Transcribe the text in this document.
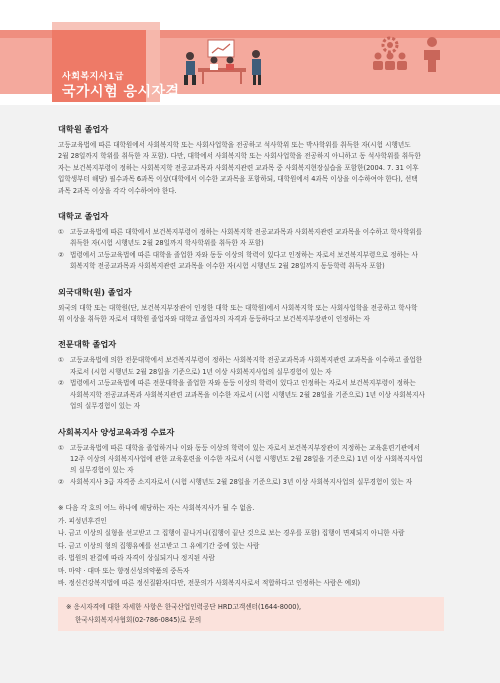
사회복지사1급
국가시험 응시자격

대학원 졸업자

고등교육법에 따른 대학원에서 사회복지학 또는 사회사업학을 전공하고 석사학위 또는 박사학위를 취득한 자(시험 시행년도

2월 28일까지 학위를 취득한 자 포함). 다만, 대학에서 사회복지학 또는 사회사업학을 전공하지 아니하고 동 석사학위를 취득한

자는 보건복지부령이 정하는 사회복지학 전공교과목과 사회복지관련 교과목 중 사회복지현장실습을 포함한(2004. 7. 31 이후

입학생부터 해당) 필수과목 6과목 이상(대학에서 이수한 교과목을 포함하되, 대학원에서 4과목 이상을 이수하여야 한다), 선택

과목 2과목 이상을 각각 이수하여야 한다.

대학교 졸업자

① 고등교육법에 따른 대학에서 보건복지부령이 정하는 사회복지학 전공교과목과 사회복지관련 교과목을 이수하고 학사학위를

취득한 자(시험 시행년도 2월 28일까지 학사학위를 취득한 자 포함)

② 법령에서 고등교육법에 따른 대학을 졸업한 자와 동등 이상의 학력이 있다고 인정하는 자로서 보건복지부령으로 정하는 사

회복지학 전공교과목과 사회복지관련 교과목을 이수한 자(시험 시행년도 2월 28일까지 동등학력 취득자 포함)

외국대학(원) 졸업자

외국의 대학 또는 대학원(단, 보건복지부장관이 인정한 대학 또는 대학원)에서 사회복지학 또는 사회사업학을 전공하고 학사학

위 이상을 취득한 자로서 대학원 졸업자와 대학교 졸업자의 자격과 동등하다고 보건복지부장관이 인정하는 자

전문대학 졸업자

① 고등교육법에 의한 전문대학에서 보건복지부령이 정하는 사회복지학 전공교과목과 사회복지관련 교과목을 이수하고 졸업한

자로서 (시험 시행년도 2월 28일을 기준으로) 1년 이상 사회복지사업의 실무경험이 있는 자

② 법령에서 고등교육법에 따른 전문대학을 졸업한 자와 동등 이상의 학력이 있다고 인정하는 자로서 보건복지부령이 정하는

사회복지학 전공교과목과 사회복지관련 교과목을 이수한 자로서 (시험 시행년도 2월 28일을 기준으로) 1년 이상 사회복지사

업의 실무경험이 있는 자

사회복지사 양성교육과정 수료자

① 고등교육법에 따른 대학을 졸업하거나 이와 동등 이상의 학력이 있는 자로서 보건복지부장관이 지정하는 교육훈련기관에서

12주 이상의 사회복지사업에 관한 교육훈련을 이수한 자로서 (시험 시행년도 2월 28일을 기준으로) 1년 이상 사회복지사업

의 실무경험이 있는 자

② 사회복지사 3급 자격증 소지자로서 (시험 시행년도 2월 28일을 기준으로) 3년 이상 사회복지사업의 실무경험이 있는 자

※ 다음 각 호의 어느 하나에 해당하는 자는 사회복지사가 될 수 없음.

가. 피성년후견인

나. 금고 이상의 실형을 선고받고 그 집행이 끝나거나(집행이 끝난 것으로 보는 경우를 포함) 집행이 면제되지 아니한 사람

다. 금고 이상의 형의 집행유예를 선고받고 그 유예기간 중에 있는 사람

라. 법원의 판결에 따라 자격이 상실되거나 정지된 사람

마. 마약 · 대마 또는 향정신성의약품의 중독자

바. 정신건강복지법에 따른 정신질환자(다만, 전문의가 사회복지사로서 적합하다고 인정하는 사람은 예외)

※ 응시자격에 대한 자세한 사항은 한국산업인력공단 HRD고객센터(1644-8000),
한국사회복지사협회(02-786-0845)로 문의
